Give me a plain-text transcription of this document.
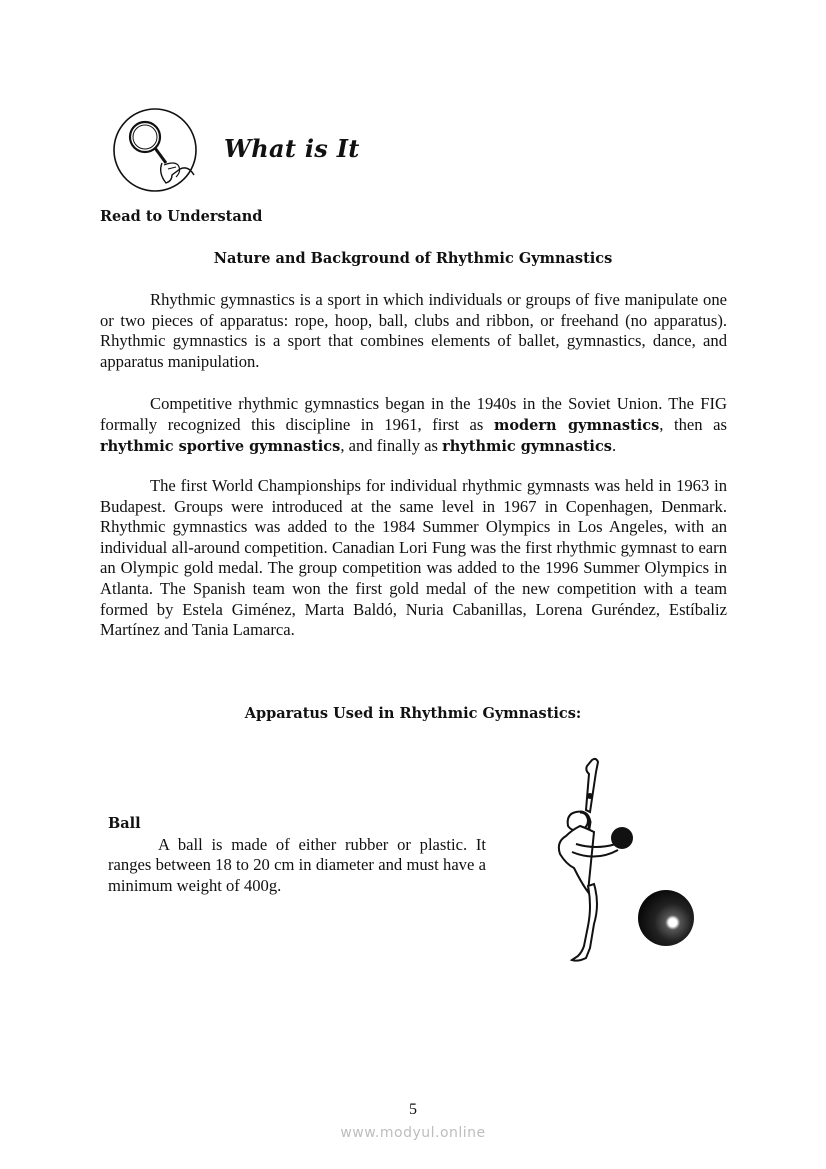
What is It
Read to Understand
Nature and Background of Rhythmic Gymnastics

Rhythmic gymnastics is a sport in which individuals or groups of five manipulate one or two pieces of apparatus: rope, hoop, ball, clubs and ribbon, or freehand (no apparatus). Rhythmic gymnastics is a sport that combines elements of ballet, gymnastics, dance, and apparatus manipulation.

Competitive rhythmic gymnastics began in the 1940s in the Soviet Union. The FIG formally recognized this discipline in 1961, first as modern gymnastics, then as rhythmic sportive gymnastics, and finally as rhythmic gymnastics.

The first World Championships for individual rhythmic gymnasts was held in 1963 in Budapest. Groups were introduced at the same level in 1967 in Copenhagen, Denmark. Rhythmic gymnastics was added to the 1984 Summer Olympics in Los Angeles, with an individual all-around competition. Canadian Lori Fung was the first rhythmic gymnast to earn an Olympic gold medal. The group competition was added to the 1996 Summer Olympics in Atlanta. The Spanish team won the first gold medal of the new competition with a team formed by Estela Giménez, Marta Baldó, Nuria Cabanillas, Lorena Guréndez, Estíbaliz Martínez and Tania Lamarca.

Apparatus Used in Rhythmic Gymnastics:

Ball

A ball is made of either rubber or plastic. It ranges between 18 to 20 cm in diameter and must have a minimum weight of 400g.

5
www.modyul.online
